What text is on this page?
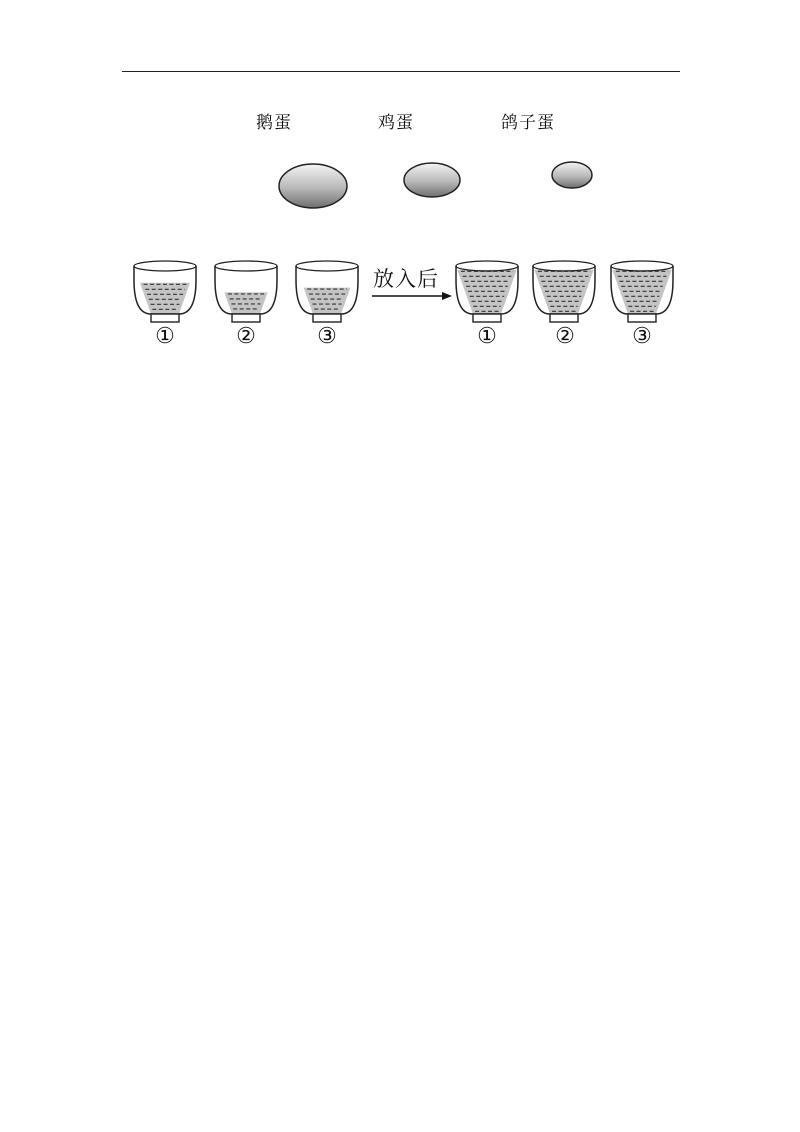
鹅蛋	鸡蛋	鸽子蛋
放入后
①	②	③	①	②	③
